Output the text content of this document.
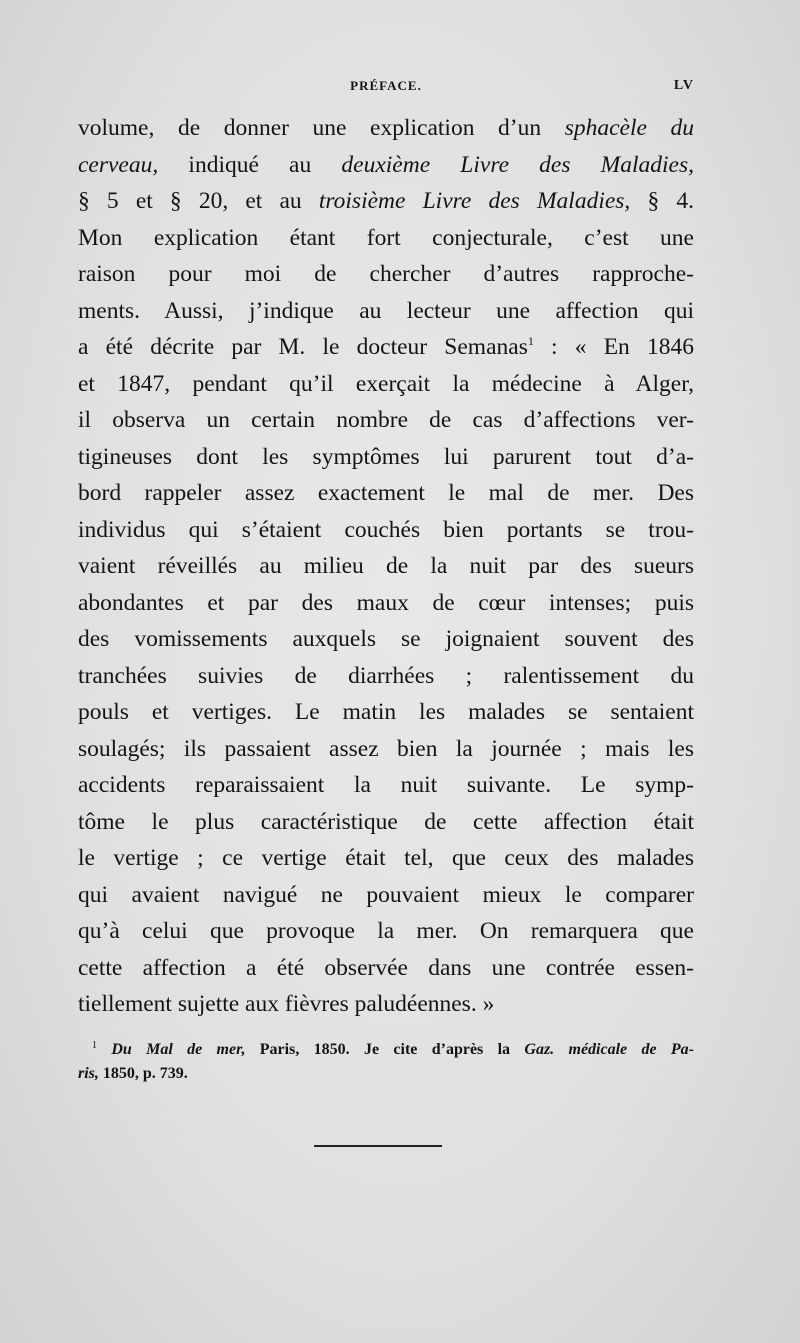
PRÉFACE.	LV
volume, de donner une explication d’un sphacèle du
cerveau, indiqué au deuxième Livre des Maladies,
§ 5 et § 20, et au troisième Livre des Maladies, § 4.
Mon explication étant fort conjecturale, c’est une
raison pour moi de chercher d’autres rapproche-
ments. Aussi, j’indique au lecteur une affection qui
a été décrite par M. le docteur Semanas$^1$ : « En 1846
et 1847, pendant qu’il exerçait la médecine à Alger,
il observa un certain nombre de cas d’affections ver-
tigineuses dont les symptômes lui parurent tout d’a-
bord rappeler assez exactement le mal de mer. Des
individus qui s’étaient couchés bien portants se trou-
vaient réveillés au milieu de la nuit par des sueurs
abondantes et par des maux de cœur intenses; puis
des vomissements auxquels se joignaient souvent des
tranchées suivies de diarrhées ; ralentissement du
pouls et vertiges. Le matin les malades se sentaient
soulagés; ils passaient assez bien la journée ; mais les
accidents reparaissaient la nuit suivante. Le symp-
tôme le plus caractéristique de cette affection était
le vertige ; ce vertige était tel, que ceux des malades
qui avaient navigué ne pouvaient mieux le comparer
qu’à celui que provoque la mer. On remarquera que
cette affection a été observée dans une contrée essen-
tiellement sujette aux fièvres paludéennes. »
$^1$ Du Mal de mer, Paris, 1850. Je cite d’après la Gaz. médicale de Pa-
ris, 1850, p. 739.
